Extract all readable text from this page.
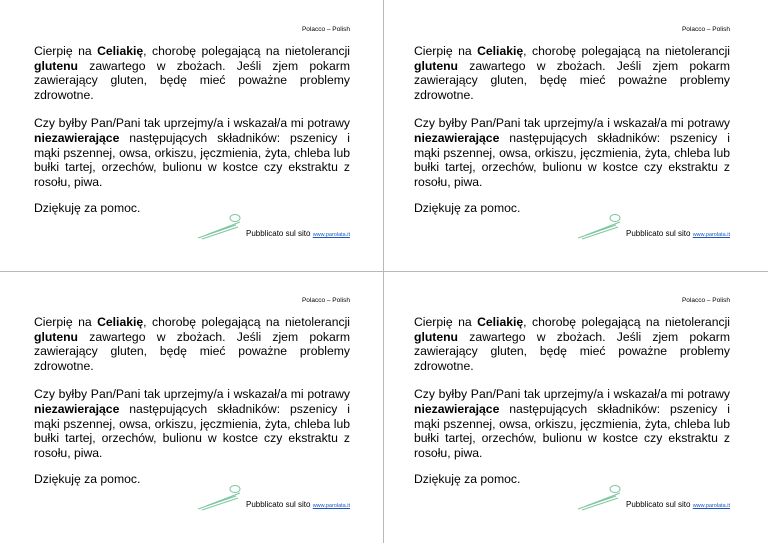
Polacco – Polish

Cierpię na Celiakię, chorobę polegającą na nietolerancji glutenu zawartego w zbożach. Jeśli zjem pokarm zawierający gluten, będę mieć poważne problemy zdrowotne.

Czy byłby Pan/Pani tak uprzejmy/a i wskazał/a mi potrawy niezawierające następujących składników: pszenicy i mąki pszennej, owsa, orkiszu, jęczmienia, żyta, chleba lub bułki tartej, orzechów, bulionu w kostce czy ekstraktu z rosołu, piwa.

Dziękuję za pomoc.
Pubblicato sul sito www.parolata.it
Polacco – Polish

Cierpię na Celiakię, chorobę polegającą na nietolerancji glutenu zawartego w zbożach. Jeśli zjem pokarm zawierający gluten, będę mieć poważne problemy zdrowotne.

Czy byłby Pan/Pani tak uprzejmy/a i wskazał/a mi potrawy niezawierające następujących składników: pszenicy i mąki pszennej, owsa, orkiszu, jęczmienia, żyta, chleba lub bułki tartej, orzechów, bulionu w kostce czy ekstraktu z rosołu, piwa.

Dziękuję za pomoc.
Pubblicato sul sito www.parolata.it
Polacco – Polish

Cierpię na Celiakię, chorobę polegającą na nietolerancji glutenu zawartego w zbożach. Jeśli zjem pokarm zawierający gluten, będę mieć poważne problemy zdrowotne.

Czy byłby Pan/Pani tak uprzejmy/a i wskazał/a mi potrawy niezawierające następujących składników: pszenicy i mąki pszennej, owsa, orkiszu, jęczmienia, żyta, chleba lub bułki tartej, orzechów, bulionu w kostce czy ekstraktu z rosołu, piwa.

Dziękuję za pomoc.
Pubblicato sul sito www.parolata.it
Polacco – Polish

Cierpię na Celiakię, chorobę polegającą na nietolerancji glutenu zawartego w zbożach. Jeśli zjem pokarm zawierający gluten, będę mieć poważne problemy zdrowotne.

Czy byłby Pan/Pani tak uprzejmy/a i wskazał/a mi potrawy niezawierające następujących składników: pszenicy i mąki pszennej, owsa, orkiszu, jęczmienia, żyta, chleba lub bułki tartej, orzechów, bulionu w kostce czy ekstraktu z rosołu, piwa.

Dziękuję za pomoc.
Pubblicato sul sito www.parolata.it
